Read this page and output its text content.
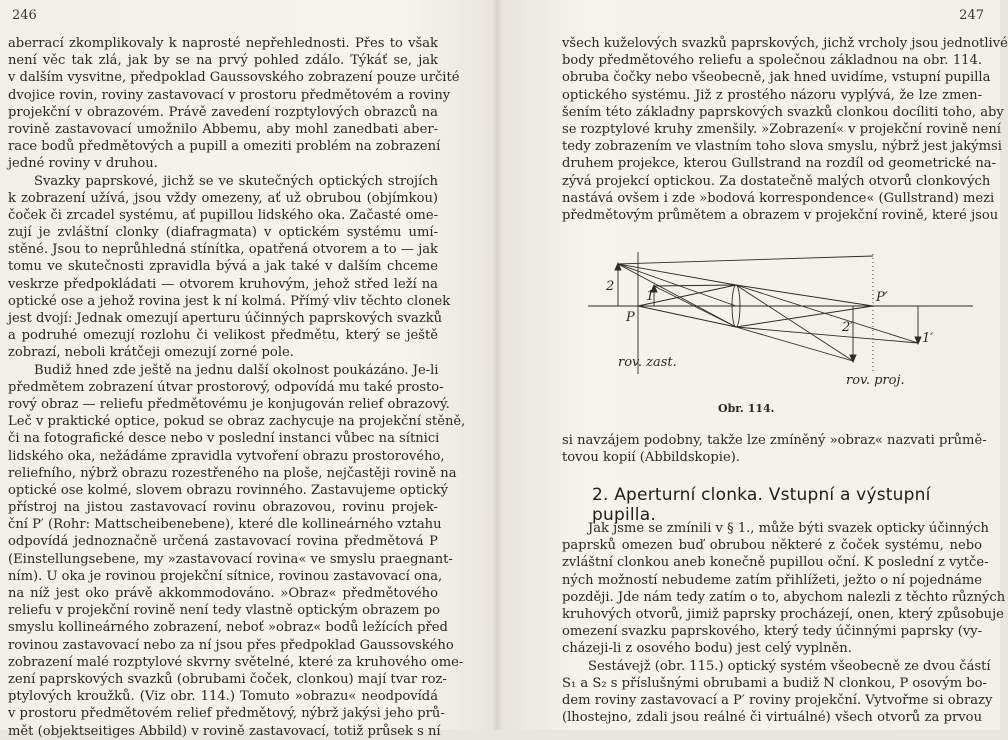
246
aberrací zkomplikovaly k naprosté nepřehlednosti. Přes to však
není věc tak zlá, jak by se na prvý pohled zdálo. Týkáť se, jak
v dalším vysvitne, předpoklad Gaussovského zobrazení pouze určité
dvojice rovin, roviny zastavovací v prostoru předmětovém a roviny
projekční v obrazovém. Právě zavedení rozptylových obrazců na
rovině zastavovací umožnilo Abbemu, aby mohl zanedbati aber-
race bodů předmětových a pupill a omeziti problém na zobrazení
jedné roviny v druhou.
Svazky paprskové, jichž se ve skutečných optických strojích
k zobrazení užívá, jsou vždy omezeny, ať už obrubou (objímkou)
čoček či zrcadel systému, ať pupillou lidského oka. Začasté ome-
zují je zvláštní clonky (diafragmata) v optickém systému umí-
stěné. Jsou to neprůhledná stínítka, opatřená otvorem a to — jak
tomu ve skutečnosti zpravidla bývá a jak také v dalším chceme
veskrze předpokládati — otvorem kruhovým, jehož střed leží na
optické ose a jehož rovina jest k ní kolmá. Přímý vliv těchto clonek
jest dvojí: Jednak omezují aperturu účinných paprskových svazků
a podruhé omezují rozlohu či velikost předmětu, který se ještě
zobrazí, neboli krátčeji omezují zorné pole.
Budiž hned zde ještě na jednu další okolnost poukázáno. Je-li
předmětem zobrazení útvar prostorový, odpovídá mu také prosto-
rový obraz — reliefu předmětovému je konjugován relief obrazový.
Leč v praktické optice, pokud se obraz zachycuje na projekční stěně,
či na fotografické desce nebo v poslední instanci vůbec na sítnici
lidského oka, nežádáme zpravidla vytvoření obrazu prostorového,
reliefního, nýbrž obrazu rozestřeného na ploše, nejčastěji rovině na
optické ose kolmé, slovem obrazu rovinného. Zastavujeme optický
přístroj na jistou zastavovací rovinu obrazovou, rovinu projek-
ční P′ (Rohr: Mattscheibenebene), které dle kollineárného vztahu
odpovídá jednoznačně určená zastavovací rovina předmětová P
(Einstellungsebene, my »zastavovací rovina« ve smyslu praegnant-
ním). U oka je rovinou projekční sítnice, rovinou zastavovací ona,
na níž jest oko právě akkommodováno. »Obraz« předmětového
reliefu v projekční rovině není tedy vlastně optickým obrazem po
smyslu kollineárného zobrazení, neboť »obraz« bodů ležících před
rovinou zastavovací nebo za ní jsou přes předpoklad Gaussovského
zobrazení malé rozptylové skvrny světelné, které za kruhového ome-
zení paprskových svazků (obrubami čoček, clonkou) mají tvar roz-
ptylových kroužků. (Viz obr. 114.) Tomuto »obrazu« neodpovídá
v prostoru předmětovém relief předmětový, nýbrž jakýsi jeho prů-
mět (objektseitiges Abbild) v rovině zastavovací, totiž průsek s ní
247
všech kuželových svazků paprskových, jichž vrcholy jsou jednotlivé
body předmětového reliefu a společnou základnou na obr. 114.
obruba čočky nebo všeobecně, jak hned uvidíme, vstupní pupilla
optického systému. Již z prostého názoru vyplývá, že lze zmen-
šením této základny paprskových svazků clonkou docíliti toho, aby
se rozptylové kruhy zmenšily. »Zobrazení« v projekční rovině není
tedy zobrazením ve vlastním toho slova smyslu, nýbrž jest jakýmsi
druhem projekce, kterou Gullstrand na rozdíl od geometrické na-
zývá projekcí optickou. Za dostatečně malých otvorů clonkových
nastává ovšem i zde »bodová korrespondence« (Gullstrand) mezi
předmětovým průmětem a obrazem v projekční rovině, které jsou
2
1
P
P′
2′
1′
rov. zast.
rov. proj.
Obr. 114.
si navzájem podobny, takže lze zmíněný »obraz« nazvati průmě-
tovou kopií (Abbildskopie).
2. Aperturní clonka. Vstupní a výstupní pupilla.
Jak jsme se zmínili v § 1., může býti svazek opticky účinných
paprsků omezen buď obrubou některé z čoček systému, nebo
zvláštní clonkou aneb konečně pupillou oční. K poslední z vytče-
ných možností nebudeme zatím přihlížeti, ježto o ní pojednáme
později. Jde nám tedy zatím o to, abychom nalezli z těchto různých
kruhových otvorů, jimiž paprsky procházejí, onen, který způsobuje
omezení svazku paprskového, který tedy účinnými paprsky (vy-
cházeji-li z osového bodu) jest celý vyplněn.
Sestávejž (obr. 115.) optický systém všeobecně ze dvou částí
S₁ a S₂ s příslušnými obrubami a budiž N clonkou, P osovým bo-
dem roviny zastavovací a P′ roviny projekční. Vytvořme si obrazy
(lhostejno, zdali jsou reálné či virtuálné) všech otvorů za prvou
